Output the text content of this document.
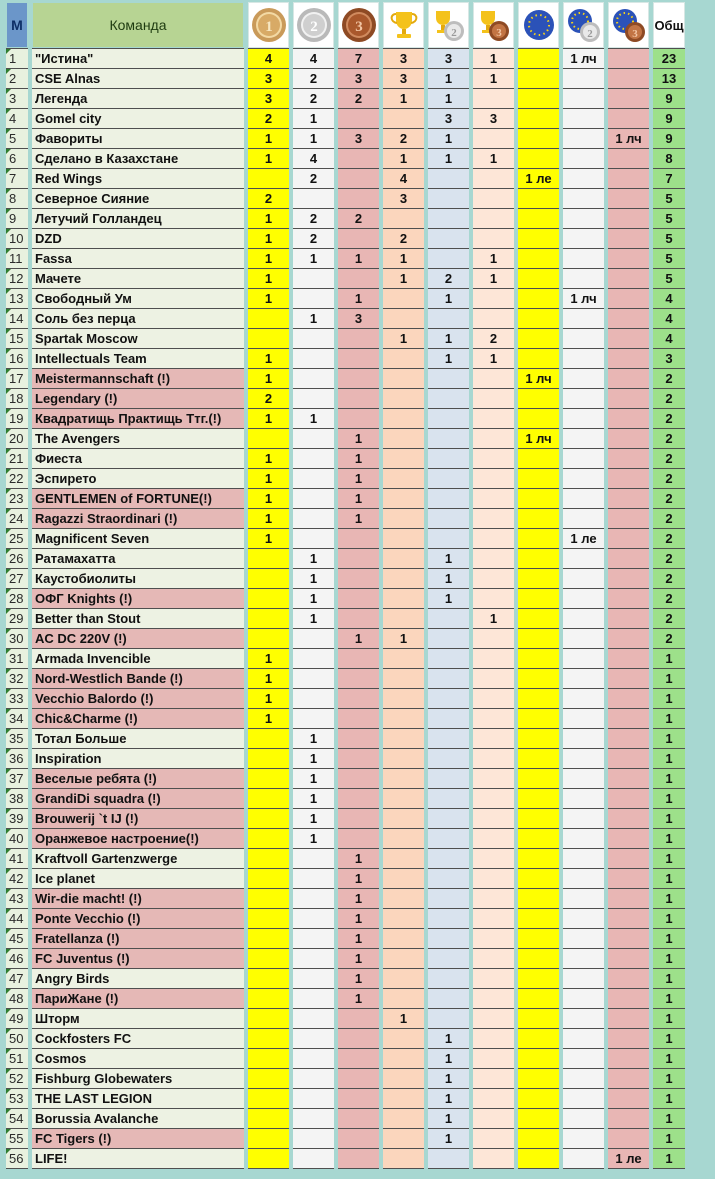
М	Команда	1	2	3		2	3		2	3	Общ
1	"Истина"	4	4	7	3	3	1		1 лч		23
2	CSE Alnas	3	2	3	3	1	1				13
3	Легенда	3	2	2	1	1					9
4	Gomel city	2	1			3	3				9
5	Фавориты	1	1	3	2	1				1 лч	9
6	Сделано в Казахстане	1	4		1	1	1				8
7	Red Wings		2		4			1 ле			7
8	Северное Сияние	2			3						5
9	Летучий Голландец	1	2	2							5
10	DZD	1	2		2						5
11	Fassa	1	1	1	1		1				5
12	Мачете	1			1	2	1				5
13	Свободный Ум	1		1		1			1 лч		4
14	Соль без перца		1	3							4
15	Spartak Moscow				1	1	2				4
16	Intellectuals Team	1				1	1				3
17	Meistermannschaft (!)	1						1 лч			2
18	Legendary (!)	2									2
19	Квадратищь Практищь Ттг.(!)	1	1								2
20	The Avengers			1				1 лч			2
21	Фиеста	1		1							2
22	Эспирето	1		1							2
23	GENTLEMEN of FORTUNE(!)	1		1							2
24	Ragazzi Straordinari (!)	1		1							2
25	Magnificent Seven	1							1 ле		2
26	Ратамахатта		1			1					2
27	Каустобиолиты		1			1					2
28	ОФГ Knights (!)		1			1					2
29	Better than Stout		1				1				2
30	AC DC 220V (!)			1	1						2
31	Armada Invencible	1									1
32	Nord-Westlich Bande (!)	1									1
33	Vecchio Balordo (!)	1									1
34	Chic&Charme (!)	1									1
35	Тотал Больше		1								1
36	Inspiration		1								1
37	Веселые ребята (!)		1								1
38	GrandiDi squadra (!)		1								1
39	Brouwerij `t IJ (!)		1								1
40	Оранжевое настроение(!)		1								1
41	Kraftvoll Gartenzwerge			1							1
42	Ice planet			1							1
43	Wir-die macht! (!)			1							1
44	Ponte Vecchio (!)			1							1
45	Fratellanza (!)			1							1
46	FC Juventus (!)			1							1
47	Angry Birds			1							1
48	ПариЖане (!)			1							1
49	Шторм				1						1
50	Cockfosters FC					1					1
51	Cosmos					1					1
52	Fishburg Globewaters					1					1
53	THE LAST LEGION					1					1
54	Borussia Avalanche					1					1
55	FC Tigers (!)					1					1
56	LIFE!									1 ле	1
